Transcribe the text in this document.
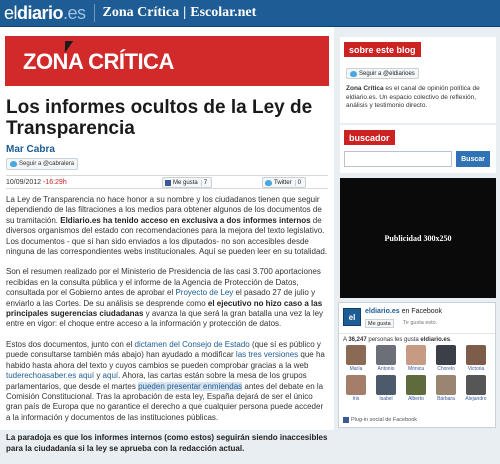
eldiario.es Zona Crítica | Escolar.net
ZONA CRÍTICA
Los informes ocultos de la Ley de Transparencia
Mar Cabra
Seguir a @cabralera
10/09/2012 - 16:29h	Me gusta	7	Twitter	0

La Ley de Transparencia no hace honor a su nombre y los ciudadanos tienen que seguir dependiendo de las filtraciones a los medios para obtener algunos de los documentos de su tramitación. Eldiario.es ha tenido acceso en exclusiva a dos informes internos de diversos organismos del estado con recomendaciones para la mejora del texto legislativo. Los documentos - que sí han sido enviados a los diputados- no son accesibles desde ninguna de las correspondientes webs institucionales. Aquí se pueden leer en su totalidad.

Son el resumen realizado por el Ministerio de Presidencia de las casi 3.700 aportaciones recibidas en la consulta pública y el informe de la Agencia de Protección de Datos, consultada por el Gobierno antes de aprobar el Proyecto de Ley el pasado 27 de julio y enviarlo a las Cortes. De su análisis se desprende como el ejecutivo no hizo caso a las principales sugerencias ciudadanas y avanza la que será la gran batalla una vez la ley entre en vigor: el choque entre acceso a la información y protección de datos.

Estos dos documentos, junto con el dictamen del Consejo de Estado (que sí es público y puede consultarse también más abajo) han ayudado a modificar las tres versiones que ha habido hasta ahora del texto y cuyos cambios se pueden comprobar gracias a la web tuderechoasaber.es aquí y aquí. Ahora, las cartas están sobre la mesa de los grupos parlamentarios, que desde el martes pueden presentar enmiendas antes del debate en la Comisión Constitucional. Tras la aprobación de esta ley, España dejará de ser el único gran país de Europa que no garantice el derecho a que cualquier persona puede acceder a la información y documentos de las instituciones públicas.

La paradoja es que los informes internos (como estos) seguirán siendo inaccesibles para la ciudadanía si la ley se aprueba con la redacción actual.

sobre este blog
Seguir a @eldiarioes
Zona Crítica es el canal de opinión política de eldiario.es. Un espacio colectivo de reflexión, análisis y testimonio directo.
buscador
Buscar
Publicidad 300x250
el
eldiario.es en Facebook
Me gusta Te gusta esto.
A 36,247 personas les gusta eldiario.es.
María	Antonio	Mónica	Chorelo	Victoria
Iris	Isabel	Alberto	Bárbara Alejandro
Plug-in social de Facebook
